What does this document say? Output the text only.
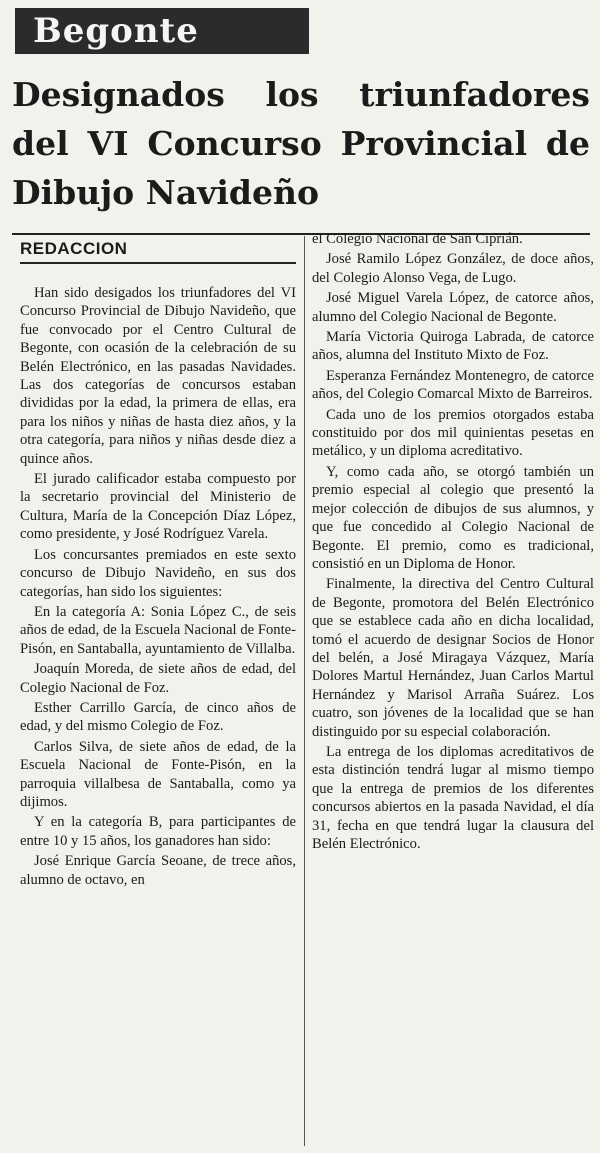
Begonte
Designados los triunfadores
del VI Concurso Provincial de
Dibujo Navideño
REDACCION

Han sido desigados los triunfadores del VI Concurso Provincial de Dibujo Navideño, que fue convocado por el Centro Cultural de Begonte, con ocasión de la celebración de su Belén Electrónico, en las pasadas Navidades. Las dos categorías de concursos estaban divididas por la edad, la primera de ellas, era para los niños y niñas de hasta diez años, y la otra categoría, para niños y niñas desde diez a quince años.

El jurado calificador estaba compuesto por la secretario provincial del Ministerio de Cultura, María de la Concepción Díaz López, como presidente, y José Rodríguez Varela.

Los concursantes premiados en este sexto concurso de Dibujo Navideño, en sus dos categorías, han sido los siguientes:

En la categoría A: Sonia López C., de seis años de edad, de la Escuela Nacional de Fonte-Pisón, en Santaballa, ayuntamiento de Villalba.

Joaquín Moreda, de siete años de edad, del Colegio Nacional de Foz.

Esther Carrillo García, de cinco años de edad, y del mismo Colegio de Foz.

Carlos Silva, de siete años de edad, de la Escuela Nacional de Fonte-Pisón, en la parroquia villalbesa de Santaballa, como ya dijimos.

Y en la categoría B, para participantes de entre 10 y 15 años, los ganadores han sido:

José Enrique García Seoane, de trece años, alumno de octavo, en

el Colegio Nacional de San Ciprián.

José Ramilo López González, de doce años, del Colegio Alonso Vega, de Lugo.

José Miguel Varela López, de catorce años, alumno del Colegio Nacional de Begonte.

María Victoria Quiroga Labrada, de catorce años, alumna del Instituto Mixto de Foz.

Esperanza Fernández Montenegro, de catorce años, del Colegio Comarcal Mixto de Barreiros.

Cada uno de los premios otorgados estaba constituido por dos mil quinientas pesetas en metálico, y un diploma acreditativo.

Y, como cada año, se otorgó también un premio especial al colegio que presentó la mejor colección de dibujos de sus alumnos, y que fue concedido al Colegio Nacional de Begonte. El premio, como es tradicional, consistió en un Diploma de Honor.

Finalmente, la directiva del Centro Cultural de Begonte, promotora del Belén Electrónico que se establece cada año en dicha localidad, tomó el acuerdo de designar Socios de Honor del belén, a José Miragaya Vázquez, María Dolores Martul Hernández, Juan Carlos Martul Hernández y Marisol Arraña Suárez. Los cuatro, son jóvenes de la localidad que se han distinguido por su especial colaboración.

La entrega de los diplomas acreditativos de esta distinción tendrá lugar al mismo tiempo que la entrega de premios de los diferentes concursos abiertos en la pasada Navidad, el día 31, fecha en que tendrá lugar la clausura del Belén Electrónico.
